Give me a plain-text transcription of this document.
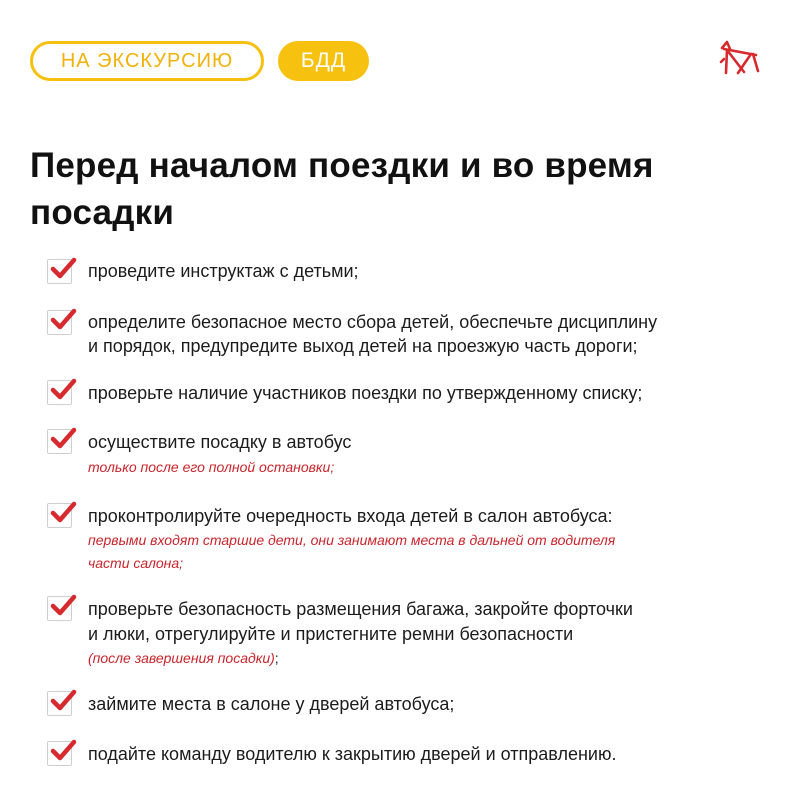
НА ЭКСКУРСИЮ	БДД
Перед началом поездки и во время
посадки
проведите инструктаж с детьми;
определите безопасное место сбора детей, обеспечьте дисциплину
и порядок, предупредите выход детей на проезжую часть дороги;
проверьте наличие участников поездки по утвержденному списку;
осуществите посадку в автобус
только после его полной остановки;
проконтролируйте очередность входа детей в салон автобуса:
первыми входят старшие дети, они занимают места в дальней от водителя
части салона;
проверьте безопасность размещения багажа, закройте форточки
и люки, отрегулируйте и пристегните ремни безопасности
(после завершения посадки);
займите места в салоне у дверей автобуса;
подайте команду водителю к закрытию дверей и отправлению.
